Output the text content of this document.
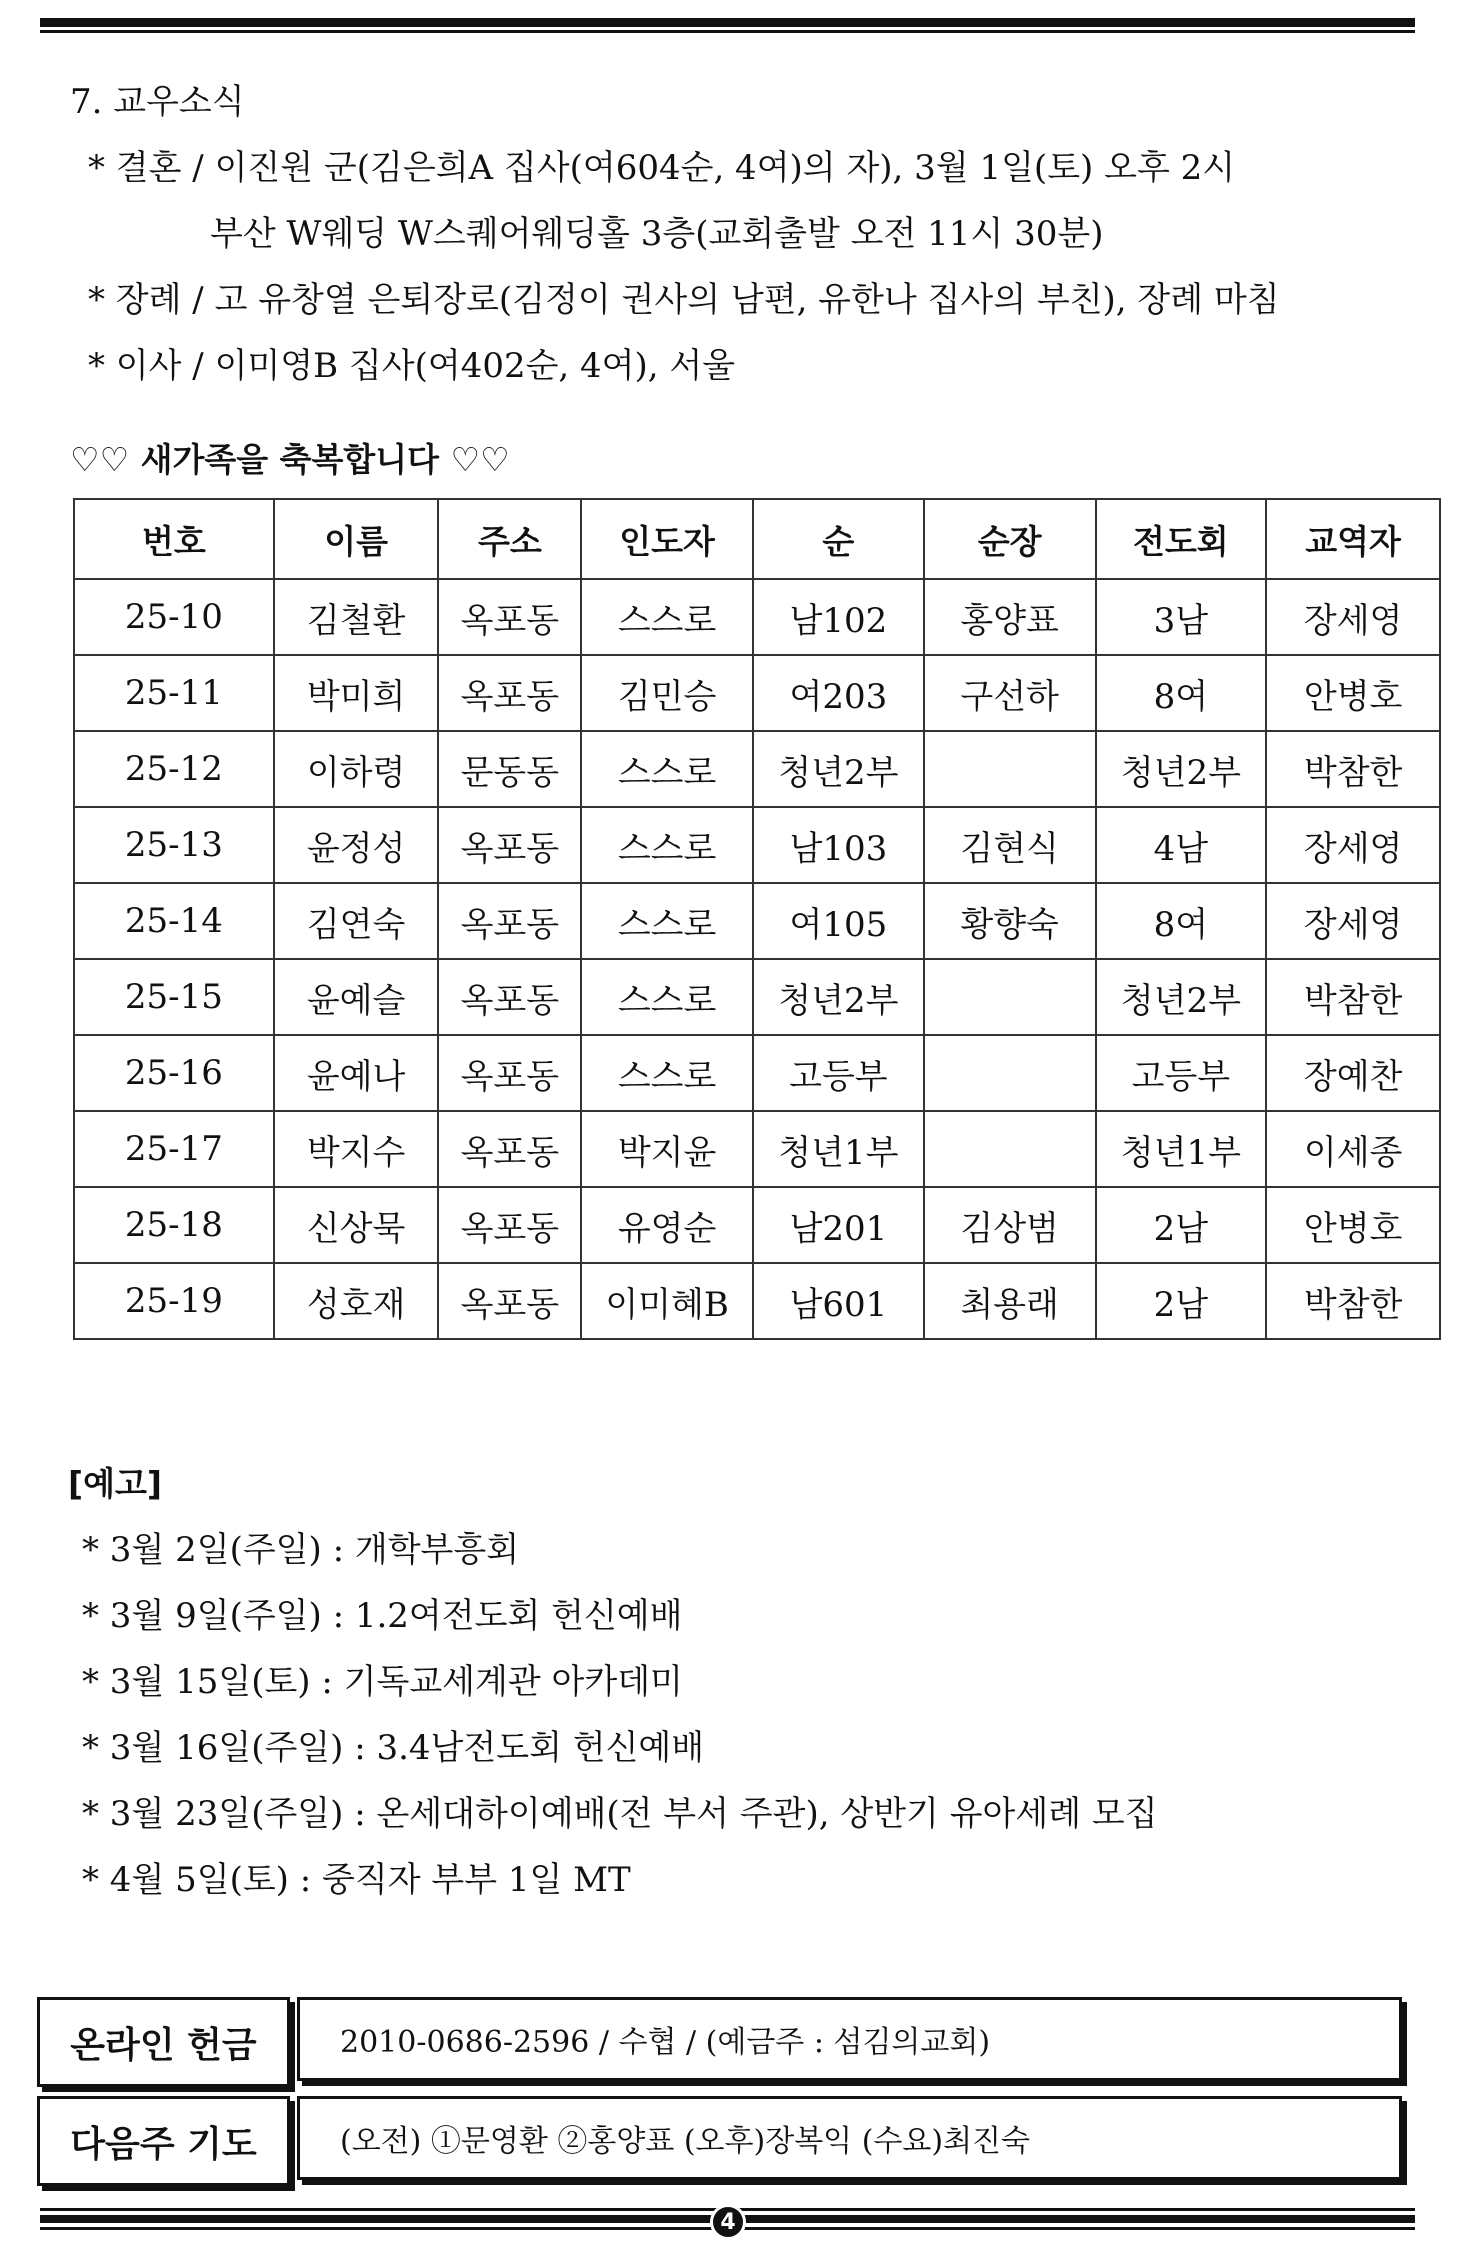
7. 교우소식
* 결혼 / 이진원 군(김은희A 집사(여604순, 4여)의 자), 3월 1일(토) 오후 2시
부산 W웨딩 W스퀘어웨딩홀 3층(교회출발 오전 11시 30분)
* 장례 / 고 유창열 은퇴장로(김정이 권사의 남편, 유한나 집사의 부친), 장례 마침
* 이사 / 이미영B 집사(여402순, 4여), 서울
♡♡ 새가족을 축복합니다 ♡♡
번호	이름	주소	인도자	순	순장	전도회	교역자
25-10	김철환	옥포동	스스로	남102	홍양표	3남	장세영
25-11	박미희	옥포동	김민승	여203	구선하	8여	안병호
25-12	이하령	문동동	스스로	청년2부		청년2부	박참한
25-13	윤정성	옥포동	스스로	남103	김현식	4남	장세영
25-14	김연숙	옥포동	스스로	여105	황향숙	8여	장세영
25-15	윤예슬	옥포동	스스로	청년2부		청년2부	박참한
25-16	윤예나	옥포동	스스로	고등부		고등부	장예찬
25-17	박지수	옥포동	박지윤	청년1부		청년1부	이세종
25-18	신상묵	옥포동	유영순	남201	김상범	2남	안병호
25-19	성호재	옥포동	이미혜B	남601	최용래	2남	박참한
[예고]
* 3월 2일(주일) : 개학부흥회
* 3월 9일(주일) : 1.2여전도회 헌신예배
* 3월 15일(토) : 기독교세계관 아카데미
* 3월 16일(주일) : 3.4남전도회 헌신예배
* 3월 23일(주일) : 온세대하이예배(전 부서 주관), 상반기 유아세례 모집
* 4월 5일(토) : 중직자 부부 1일 MT
온라인 헌금	2010-0686-2596 / 수협 / (예금주 : 섬김의교회)
다음주 기도	(오전) ①문영환 ②홍양표 (오후)장복익 (수요)최진숙
4
